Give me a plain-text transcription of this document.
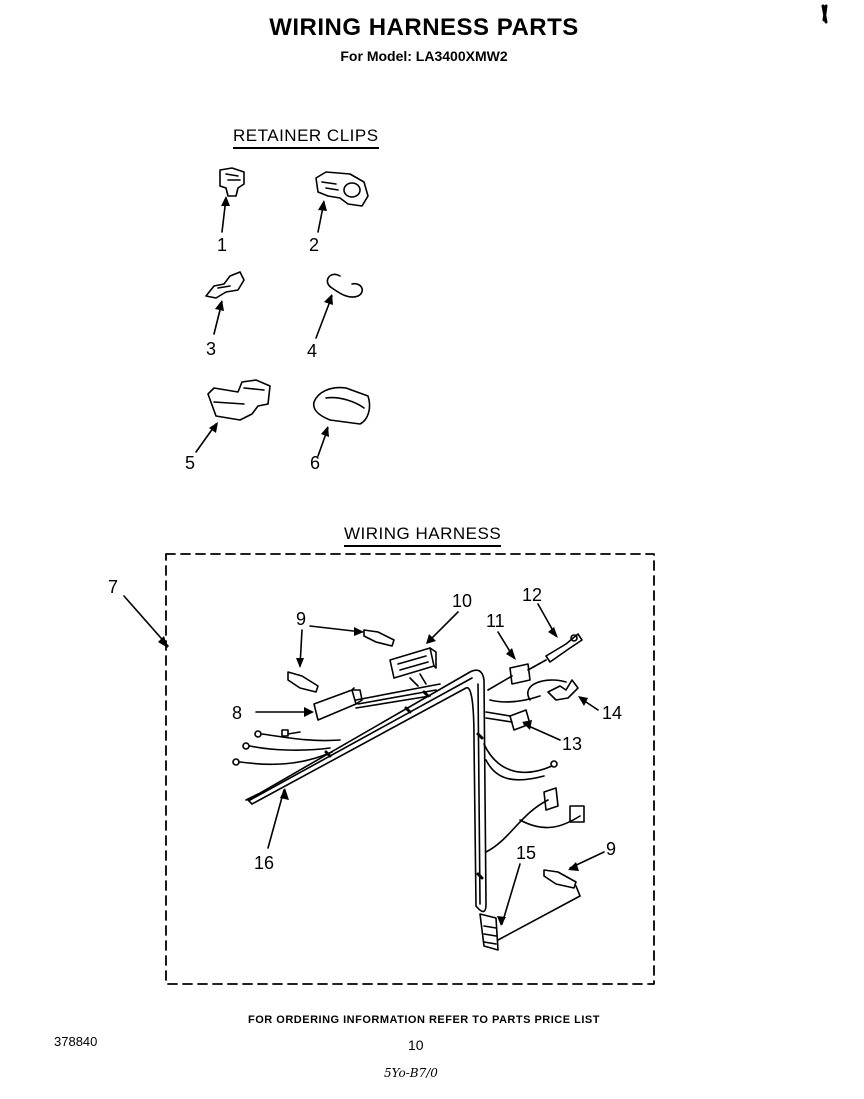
WIRING HARNESS PARTS
For Model: LA3400XMW2
RETAINER CLIPS
WIRING HARNESS
1	2
3	4
5	6
7
9
10
11
12
8	14
13
15	9
16
FOR ORDERING INFORMATION REFER TO PARTS PRICE LIST
378840	10
5Yo-B7/0
